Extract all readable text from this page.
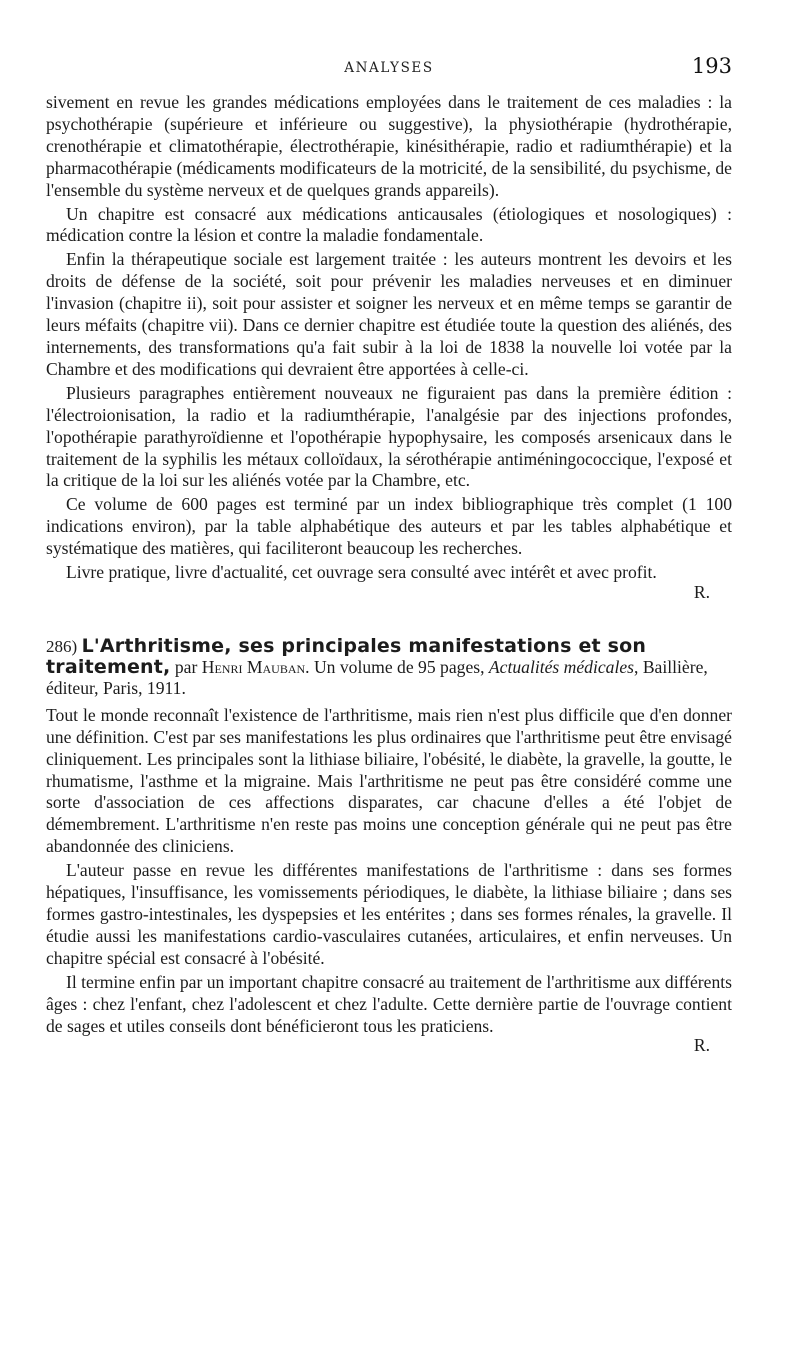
ANALYSES	193

sivement en revue les grandes médications employées dans le traitement de ces maladies : la psychothérapie (supérieure et inférieure ou suggestive), la physiothérapie (hydrothérapie, crenothérapie et climatothérapie, électrothérapie, kinésithérapie, radio et radiumthérapie) et la pharmacothérapie (médicaments modificateurs de la motricité, de la sensibilité, du psychisme, de l'ensemble du système nerveux et de quelques grands appareils).

Un chapitre est consacré aux médications anticausales (étiologiques et nosologiques) : médication contre la lésion et contre la maladie fondamentale.

Enfin la thérapeutique sociale est largement traitée : les auteurs montrent les devoirs et les droits de défense de la société, soit pour prévenir les maladies nerveuses et en diminuer l'invasion (chapitre ii), soit pour assister et soigner les nerveux et en même temps se garantir de leurs méfaits (chapitre vii). Dans ce dernier chapitre est étudiée toute la question des aliénés, des internements, des transformations qu'a fait subir à la loi de 1838 la nouvelle loi votée par la Chambre et des modifications qui devraient être apportées à celle-ci.

Plusieurs paragraphes entièrement nouveaux ne figuraient pas dans la première édition : l'électroionisation, la radio et la radiumthérapie, l'analgésie par des injections profondes, l'opothérapie parathyroïdienne et l'opothérapie hypophysaire, les composés arsenicaux dans le traitement de la syphilis les métaux colloïdaux, la sérothérapie antiméningococcique, l'exposé et la critique de la loi sur les aliénés votée par la Chambre, etc.

Ce volume de 600 pages est terminé par un index bibliographique très complet (1 100 indications environ), par la table alphabétique des auteurs et par les tables alphabétique et systématique des matières, qui faciliteront beaucoup les recherches.

Livre pratique, livre d'actualité, cet ouvrage sera consulté avec intérêt et avec profit.

R.

286) L'Arthritisme, ses principales manifestations et son traitement, par Henri Mauban. Un volume de 95 pages, Actualités médicales, Baillière, éditeur, Paris, 1911.

Tout le monde reconnaît l'existence de l'arthritisme, mais rien n'est plus difficile que d'en donner une définition. C'est par ses manifestations les plus ordinaires que l'arthritisme peut être envisagé cliniquement. Les principales sont la lithiase biliaire, l'obésité, le diabète, la gravelle, la goutte, le rhumatisme, l'asthme et la migraine. Mais l'arthritisme ne peut pas être considéré comme une sorte d'association de ces affections disparates, car chacune d'elles a été l'objet de démembrement. L'arthritisme n'en reste pas moins une conception générale qui ne peut pas être abandonnée des cliniciens.

L'auteur passe en revue les différentes manifestations de l'arthritisme : dans ses formes hépatiques, l'insuffisance, les vomissements périodiques, le diabète, la lithiase biliaire ; dans ses formes gastro-intestinales, les dyspepsies et les entérites ; dans ses formes rénales, la gravelle. Il étudie aussi les manifestations cardio-vasculaires cutanées, articulaires, et enfin nerveuses. Un chapitre spécial est consacré à l'obésité.

Il termine enfin par un important chapitre consacré au traitement de l'arthritisme aux différents âges : chez l'enfant, chez l'adolescent et chez l'adulte. Cette dernière partie de l'ouvrage contient de sages et utiles conseils dont bénéficieront tous les praticiens.

R.
